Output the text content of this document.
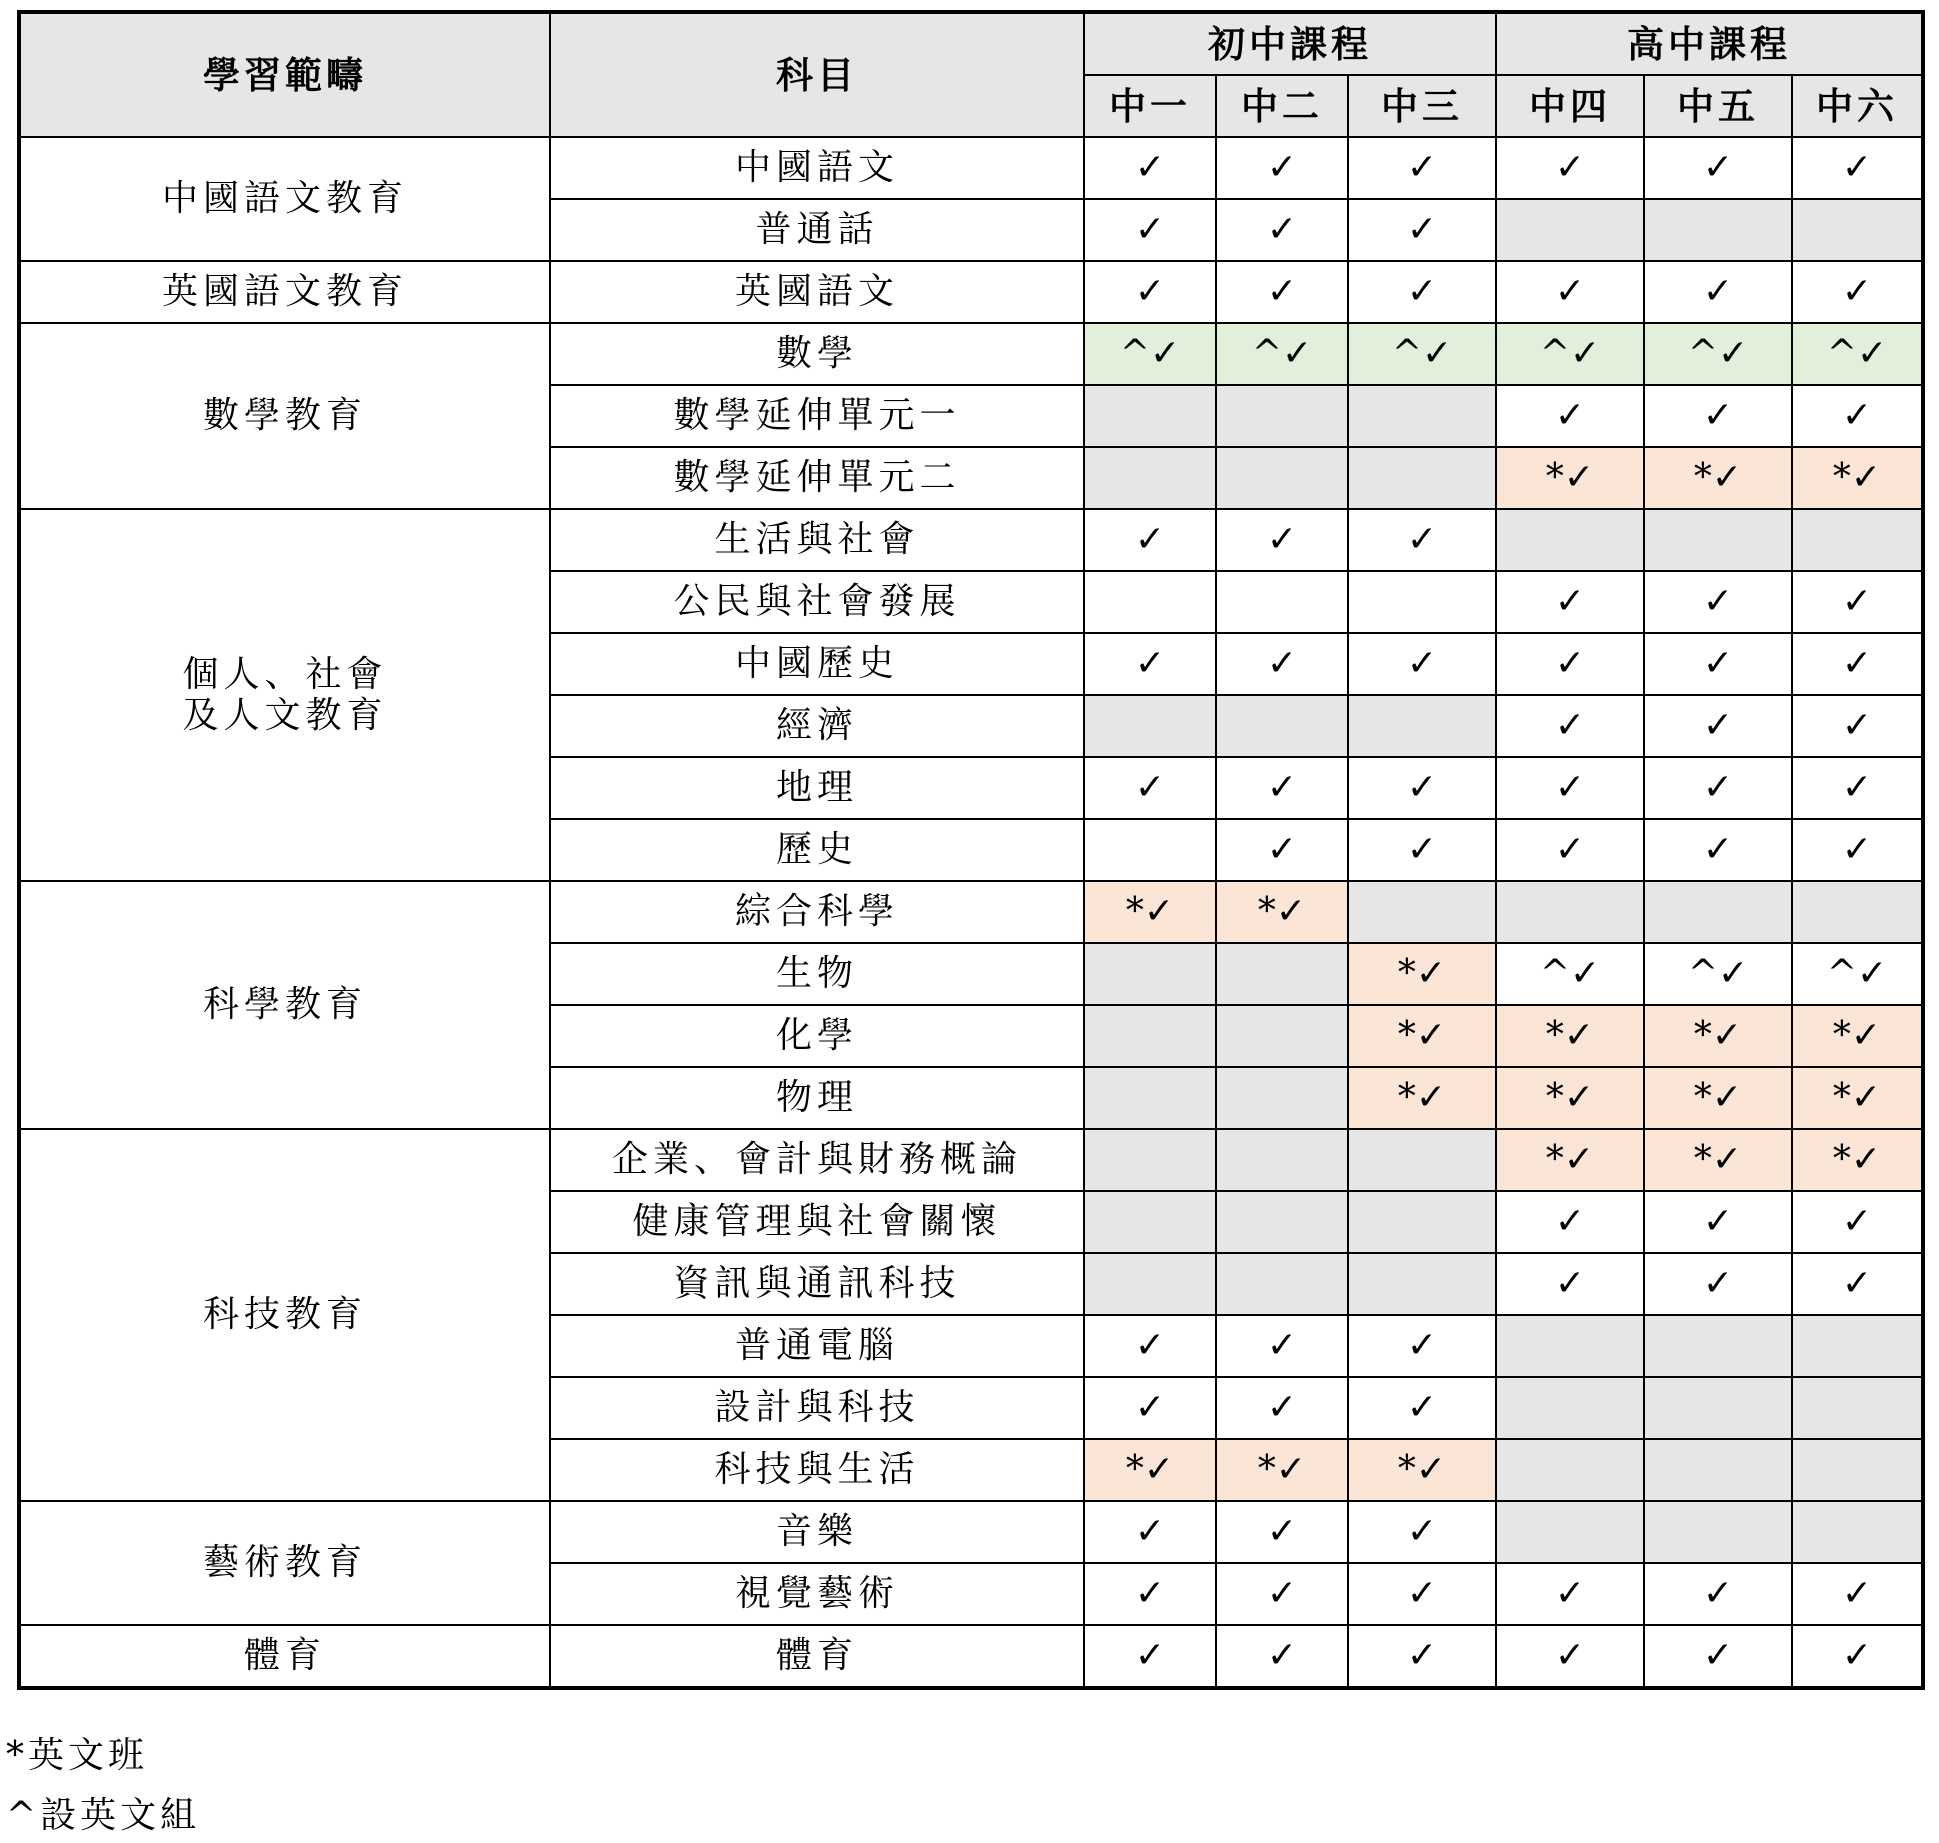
學習範疇	科目	初中課程			高中課程		
		中一	中二	中三	中四	中五	中六

中國語文教育	中國語文	✓	✓	✓	✓	✓	✓
	普通話	✓	✓	✓			

英國語文教育	英國語文	✓	✓	✓	✓	✓	✓

數學教育	數學	^✓	^✓	^✓	^✓	^✓	^✓
	數學延伸單元一				✓	✓	✓
	數學延伸單元二				*✓	*✓	*✓

個人、社會
及人文教育	生活與社會	✓	✓	✓			
	公民與社會發展				✓	✓	✓
	中國歷史	✓	✓	✓	✓	✓	✓
	經濟				✓	✓	✓
	地理	✓	✓	✓	✓	✓	✓
	歷史		✓	✓	✓	✓	✓

科學教育	綜合科學	*✓	*✓				
	生物			*✓	^✓	^✓	^✓
	化學			*✓	*✓	*✓	*✓
	物理			*✓	*✓	*✓	*✓

科技教育	企業、會計與財務概論				*✓	*✓	*✓
	健康管理與社會關懷				✓	✓	✓
	資訊與通訊科技				✓	✓	✓
	普通電腦	✓	✓	✓			
	設計與科技	✓	✓	✓			
	科技與生活	*✓	*✓	*✓			

藝術教育	音樂	✓	✓	✓			
	視覺藝術	✓	✓	✓	✓	✓	✓

體育	體育	✓	✓	✓	✓	✓	✓
*英文班
^設英文組
